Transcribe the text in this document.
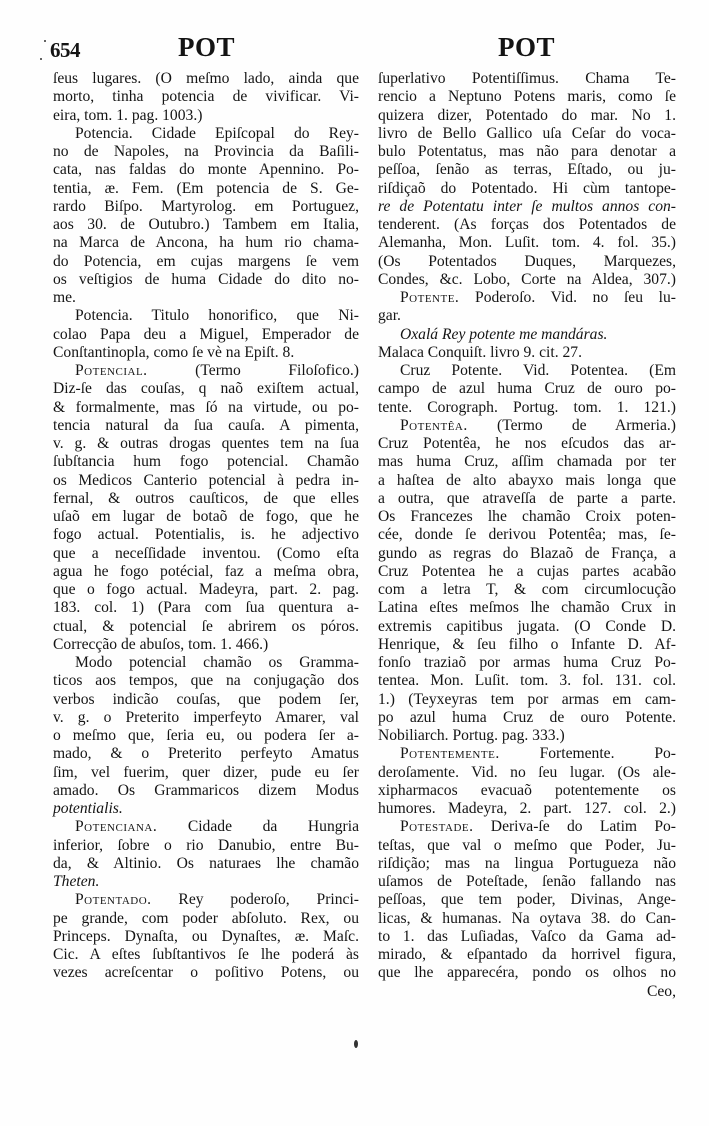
654	POT	POT
ſeus lugares. (O meſmo lado, ainda que
morto, tinha potencia de vivificar. Vi-
eira, tom. 1. pag. 1003.)
Potencia. Cidade Epiſcopal do Rey-
no de Napoles, na Provincia da Baſili-
cata, nas faldas do monte Apennino. Po-
tentia, æ. Fem. (Em potencia de S. Ge-
rardo Biſpo. Martyrolog. em Portuguez,
aos 30. de Outubro.) Tambem em Italia,
na Marca de Ancona, ha hum rio chama-
do Potencia, em cujas margens ſe vem
os veſtigios de huma Cidade do dito no-
me.
Potencia. Titulo honorifico, que Ni-
colao Papa deu a Miguel, Emperador de
Conſtantinopla, como ſe vè na Epiſt. 8.
Potencial. (Termo Filoſofico.)
Diz-ſe das couſas, q naõ exiſtem actual,
& formalmente, mas ſó na virtude, ou po-
tencia natural da ſua cauſa. A pimenta,
v. g. & outras drogas quentes tem na ſua
ſubſtancia hum fogo potencial. Chamão
os Medicos Canterio potencial à pedra in-
fernal, & outros cauſticos, de que elles
uſaõ em lugar de botaõ de fogo, que he
fogo actual. Potentialis, is. he adjectivo
que a neceſſidade inventou. (Como eſta
agua he fogo potécial, faz a meſma obra,
que o fogo actual. Madeyra, part. 2. pag.
183. col. 1) (Para com ſua quentura a-
ctual, & potencial ſe abrirem os póros.
Correcção de abuſos, tom. 1. 466.)
Modo potencial chamão os Gramma-
ticos aos tempos, que na conjugação dos
verbos indicão couſas, que podem ſer,
v. g. o Preterito imperfeyto Amarer, val
o meſmo que, ſeria eu, ou podera ſer a-
mado, & o Preterito perfeyto Amatus
ſim, vel fuerim, quer dizer, pude eu ſer
amado. Os Grammaricos dizem Modus
potentialis.
Potenciana. Cidade da Hungria
inferior, ſobre o rio Danubio, entre Bu-
da, & Altinio. Os naturaes lhe chamão
Theten.
Potentado. Rey poderoſo, Princi-
pe grande, com poder abſoluto. Rex, ou
Princeps. Dynaſta, ou Dynaſtes, æ. Maſc.
Cic. A eſtes ſubſtantivos ſe lhe poderá às
vezes acreſcentar o poſitivo Potens, ou
ſuperlativo Potentiſſimus. Chama Te-
rencio a Neptuno Potens maris, como ſe
quizera dizer, Potentado do mar. No 1.
livro de Bello Gallico uſa Ceſar do voca-
bulo Potentatus, mas não para denotar a
peſſoa, ſenão as terras, Eſtado, ou ju-
riſdiçaõ do Potentado. Hi cùm tantope-
re de Potentatu inter ſe multos annos con-
tenderent. (As forças dos Potentados de
Alemanha, Mon. Luſit. tom. 4. fol. 35.)
(Os Potentados Duques, Marquezes,
Condes, &c. Lobo, Corte na Aldea, 307.)
Potente. Poderoſo. Vid. no ſeu lu-
gar.
Oxalá Rey potente me mandáras.
Malaca Conquiſt. livro 9. cit. 27.
Cruz Potente. Vid. Potentea. (Em
campo de azul huma Cruz de ouro po-
tente. Corograph. Portug. tom. 1. 121.)
Potentêa. (Termo de Armeria.)
Cruz Potentêa, he nos eſcudos das ar-
mas huma Cruz, aſſim chamada por ter
a haſtea de alto abayxo mais longa que
a outra, que atraveſſa de parte a parte.
Os Francezes lhe chamão Croix poten-
cée, donde ſe derivou Potentêa; mas, ſe-
gundo as regras do Blazaõ de França, a
Cruz Potentea he a cujas partes acabão
com a letra T, & com circumlocução
Latina eſtes meſmos lhe chamão Crux in
extremis capitibus jugata. (O Conde D.
Henrique, & ſeu filho o Infante D. Af-
fonſo traziaõ por armas huma Cruz Po-
tentea. Mon. Luſit. tom. 3. fol. 131. col.
1.) (Teyxeyras tem por armas em cam-
po azul huma Cruz de ouro Potente.
Nobiliarch. Portug. pag. 333.)
Potentemente. Fortemente. Po-
deroſamente. Vid. no ſeu lugar. (Os ale-
xipharmacos evacuaõ potentemente os
humores. Madeyra, 2. part. 127. col. 2.)
Potestade. Deriva-ſe do Latim Po-
teſtas, que val o meſmo que Poder, Ju-
riſdição; mas na lingua Portugueza não
uſamos de Poteſtade, ſenão fallando nas
peſſoas, que tem poder, Divinas, Ange-
licas, & humanas. Na oytava 38. do Can-
to 1. das Luſiadas, Vaſco da Gama ad-
mirado, & eſpantado da horrivel figura,
que lhe apparecéra, pondo os olhos no
Ceo,
